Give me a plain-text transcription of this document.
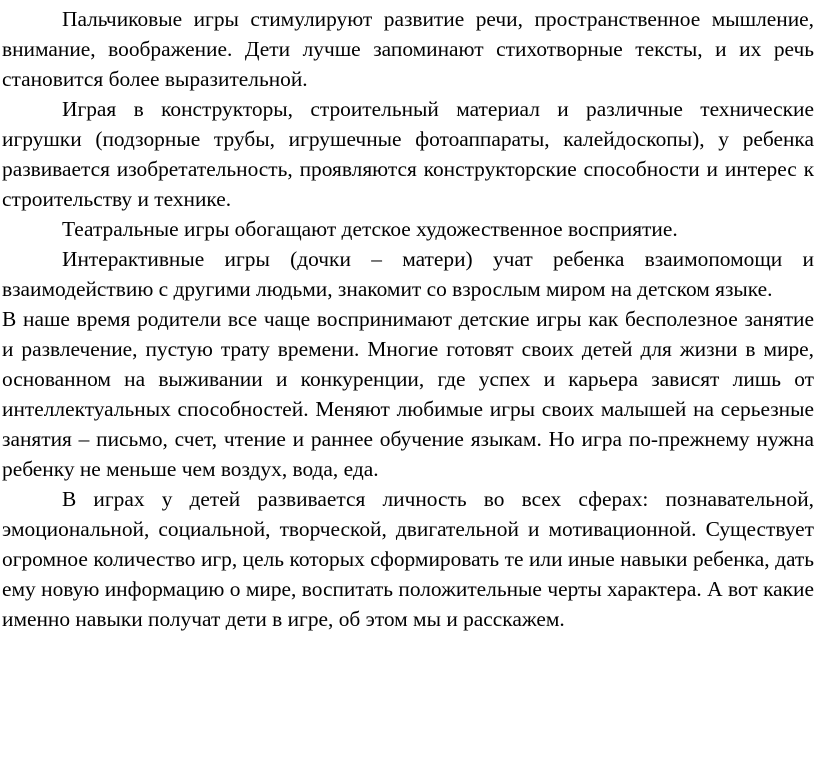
Пальчиковые игры стимулируют развитие речи, пространственное мышление, внимание, воображение. Дети лучше запоминают стихотворные тексты, и их речь становится более выразительной.

Играя в конструкторы, строительный материал и различные технические игрушки (подзорные трубы, игрушечные фотоаппараты, калейдоскопы), у ребенка развивается изобретательность, проявляются конструкторские способности и интерес к строительству и технике.

Театральные игры обогащают детское художественное восприятие.

Интерактивные игры (дочки – матери) учат ребенка взаимопомощи и взаимодействию с другими людьми, знакомит со взрослым миром на детском языке.

В наше время родители все чаще воспринимают детские игры как бесполезное занятие и развлечение, пустую трату времени. Многие готовят своих детей для жизни в мире, основанном на выживании и конкуренции, где успех и карьера зависят лишь от интеллектуальных способностей. Меняют любимые игры своих малышей на серьезные занятия – письмо, счет, чтение и раннее обучение языкам. Но игра по-прежнему нужна ребенку не меньше чем воздух, вода, еда.

В играх у детей развивается личность во всех сферах: познавательной, эмоциональной, социальной, творческой, двигательной и мотивационной. Существует огромное количество игр, цель которых сформировать те или иные навыки ребенка, дать ему новую информацию о мире, воспитать положительные черты характера. А вот какие именно навыки получат дети в игре, об этом мы и расскажем.
